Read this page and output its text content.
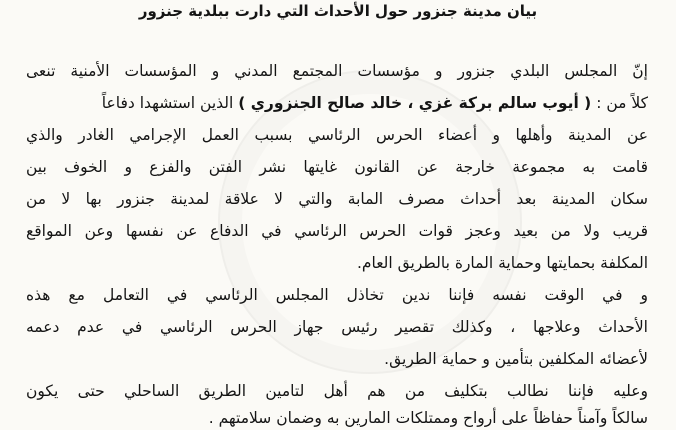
بيان مدينة جنزور حول الأحداث التي دارت ببلدية جنزور
إنّ المجلس البلدي جنزور و مؤسسات المجتمع المدني و المؤسسات الأمنية تنعى
كلاً من : ( أيوب سالم بركة غزي ، خالد صالح الجنزوري ) الذين استشهدا دفاعاً
عن المدينة وأهلها و أعضاء الحرس الرئاسي بسبب العمل الإجرامي الغادر والذي
قامت به مجموعة خارجة عن القانون غايتها نشر الفتن والفزع و الخوف بين
سكان المدينة بعد أحداث مصرف المابة والتي لا علاقة لمدينة جنزور بها لا من
قريب ولا من بعيد وعجز قوات الحرس الرئاسي في الدفاع عن نفسها وعن المواقع
المكلفة بحمايتها وحماية المارة بالطريق العام.
و في الوقت نفسه فإننا ندين تخاذل المجلس الرئاسي في التعامل مع هذه
الأحداث وعلاجها ، وكذلك تقصير رئيس جهاز الحرس الرئاسي في عدم دعمه
لأعضائه المكلفين بتأمين و حماية الطريق.
وعليه فإننا نطالب بتكليف من هم أهل لتامين الطريق الساحلي حتى يكون
سالكاً وآمناً حفاظاً على أرواح وممتلكات المارين به وضمان سلامتهم .
